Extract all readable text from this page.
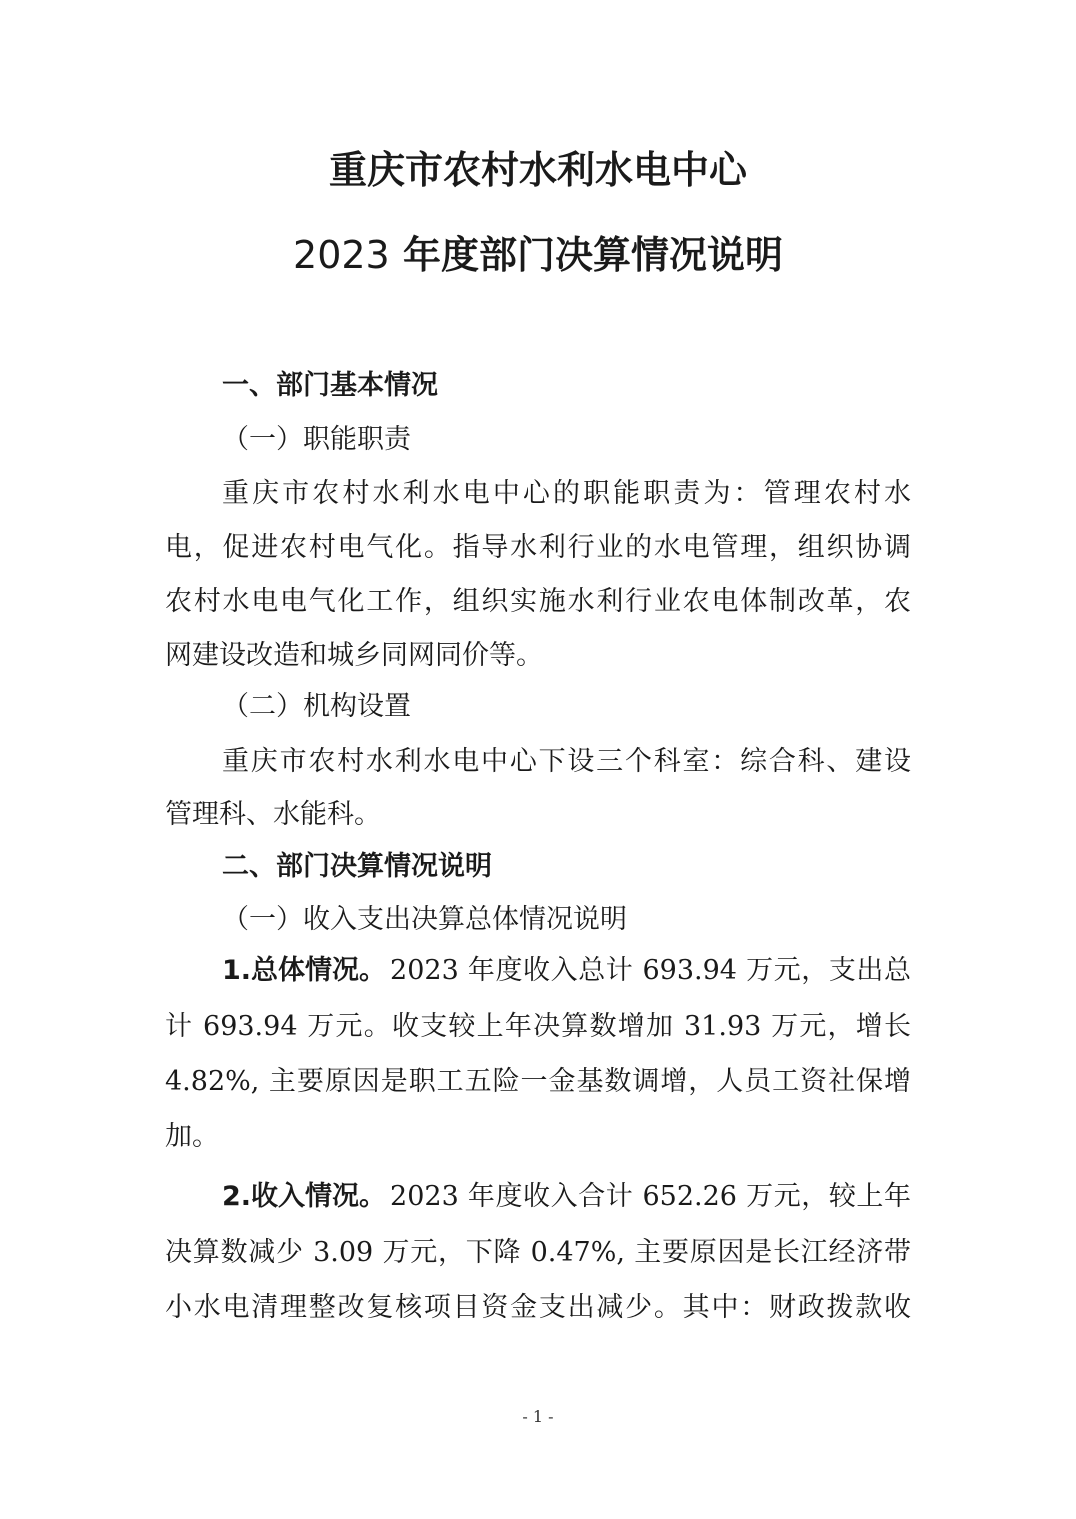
重庆市农村水利水电中心
2023 年度部门决算情况说明

一、部门基本情况

（一）职能职责

重庆市农村水利水电中心的职能职责为：管理农村水

电，促进农村电气化。指导水利行业的水电管理，组织协调

农村水电电气化工作，组织实施水利行业农电体制改革，农

网建设改造和城乡同网同价等。

（二）机构设置

重庆市农村水利水电中心下设三个科室：综合科、建设

管理科、水能科。

二、部门决算情况说明

（一）收入支出决算总体情况说明

1.总体情况。 2023 年度收入总计 693.94 万元，支出总

计 693.94 万元。收支较上年决算数增加 31.93 万元，增长

4.82%, 主要原因是职工五险一金基数调增，人员工资社保增

加。

2.收入情况。 2023 年度收入合计 652.26 万元，较上年

决算数减少 3.09 万元，下降 0.47%, 主要原因是长江经济带

小水电清理整改复核项目资金支出减少。其中：财政拨款收

- 1 -
